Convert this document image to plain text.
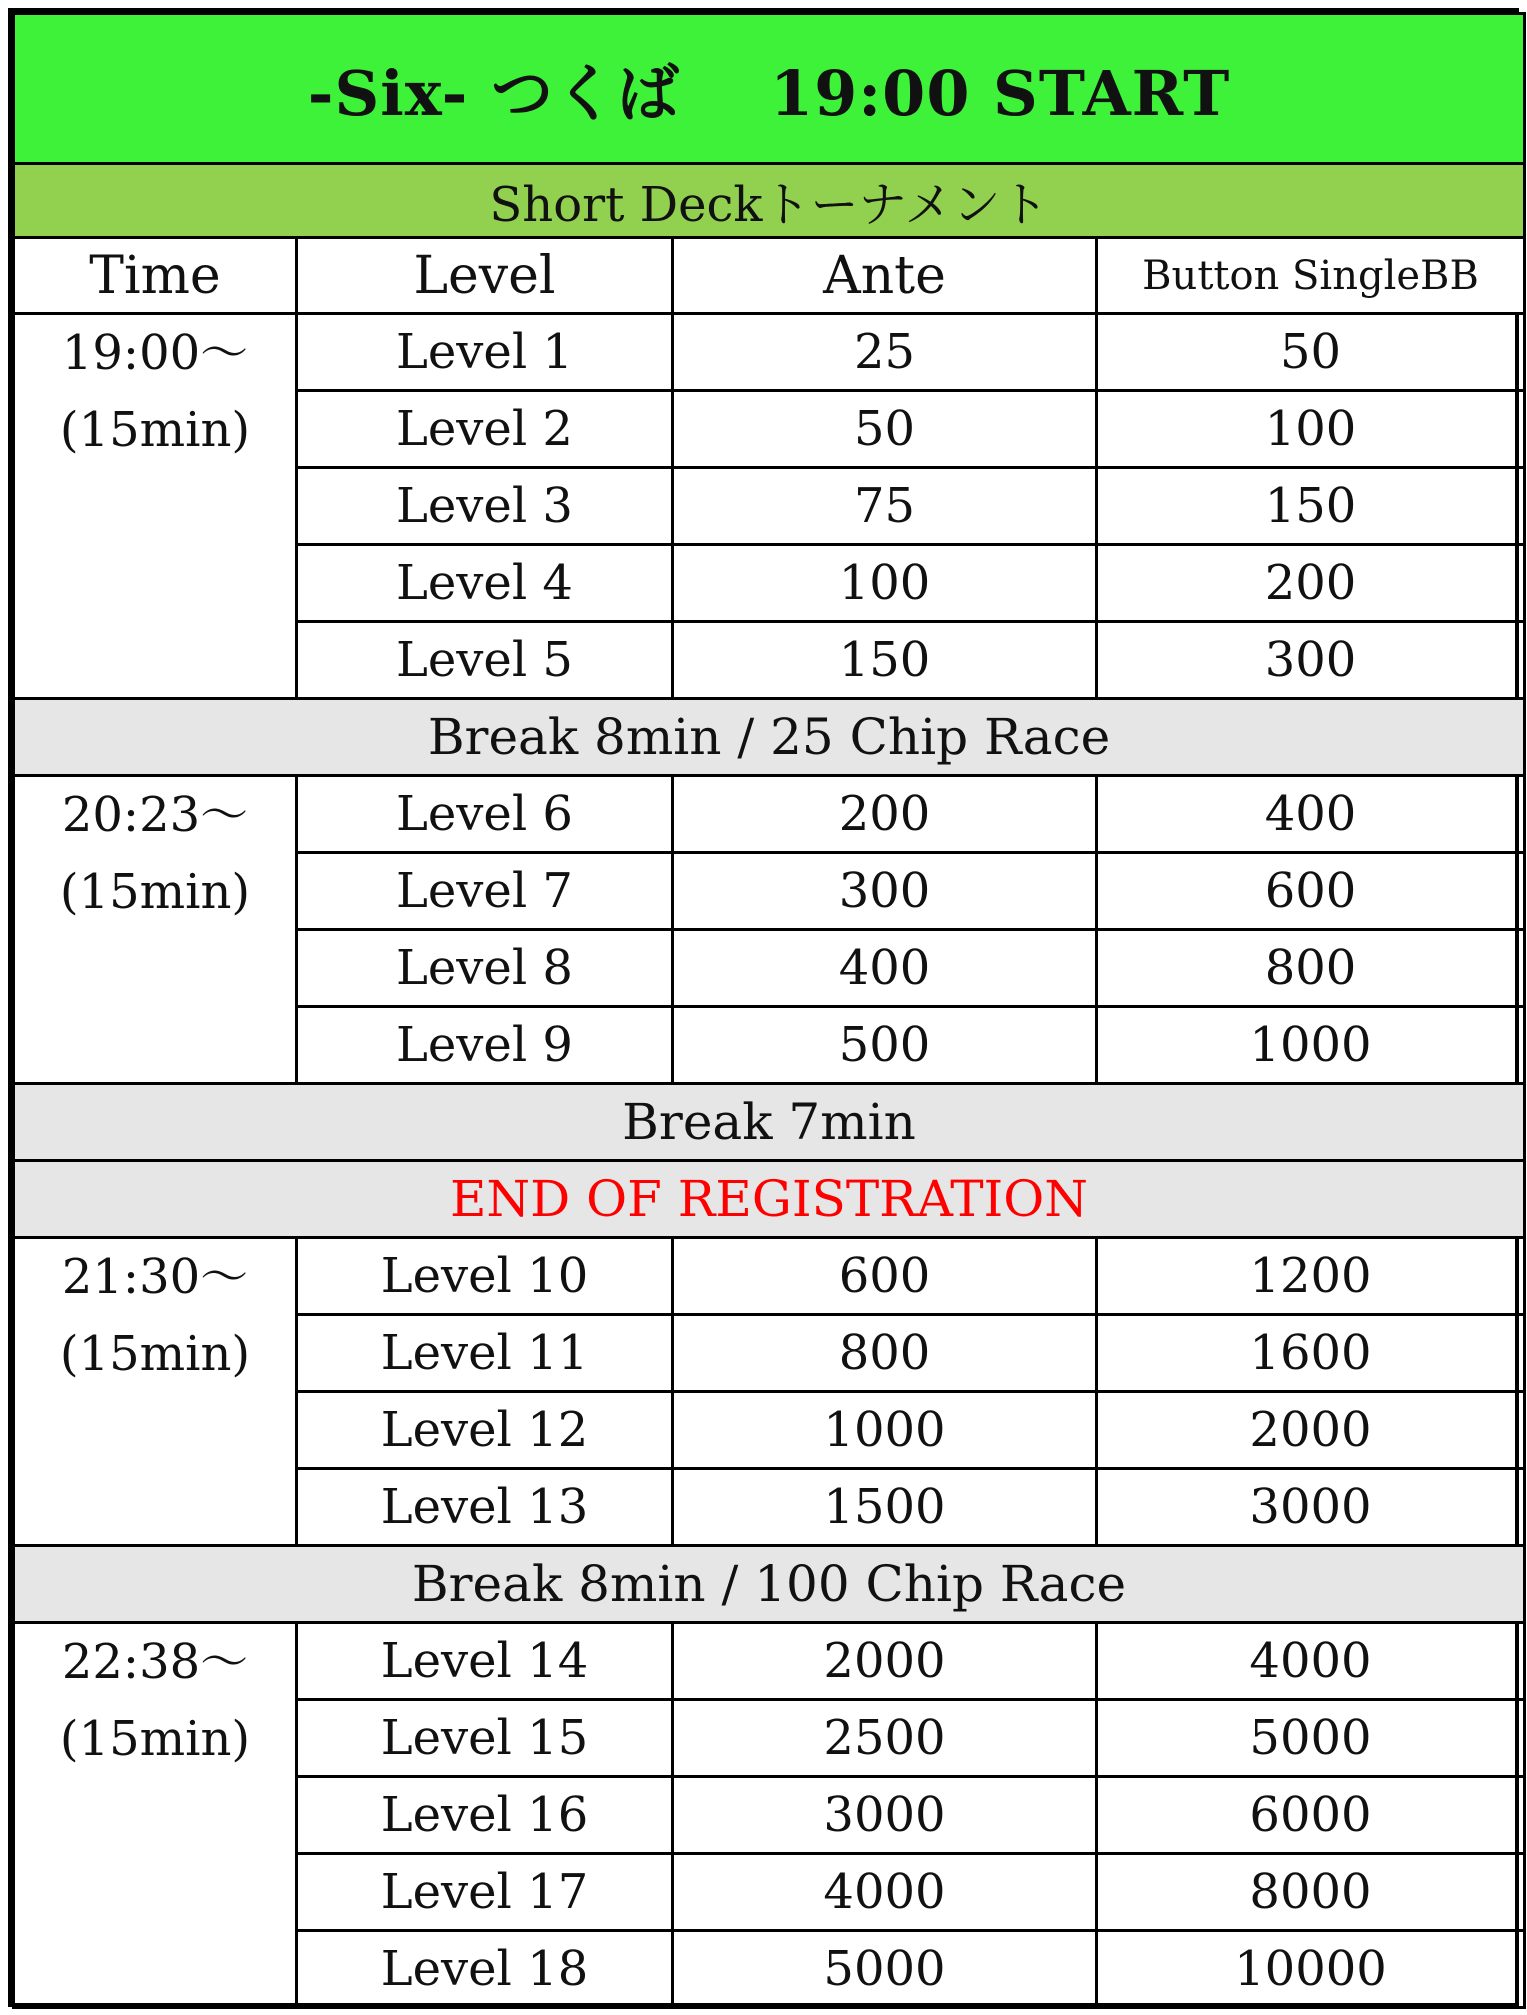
-Six- つくば 19:00 START			
Short Deckトーナメント			
Time	Level	Ante	Button SingleBB

19:00～
(15min)	Level 1	25	50
	Level 2	50	100
	Level 3	75	150
	Level 4	100	200
	Level 5	150	300
Break 8min / 25 Chip Race			

20:23～
(15min)	Level 6	200	400
	Level 7	300	600
	Level 8	400	800
	Level 9	500	1000
Break 7min			
END OF REGISTRATION			

21:30～
(15min)	Level 10	600	1200
	Level 11	800	1600
	Level 12	1000	2000
	Level 13	1500	3000
Break 8min / 100 Chip Race			

22:38～
(15min)	Level 14	2000	4000
	Level 15	2500	5000
	Level 16	3000	6000
	Level 17	4000	8000
	Level 18	5000	10000
